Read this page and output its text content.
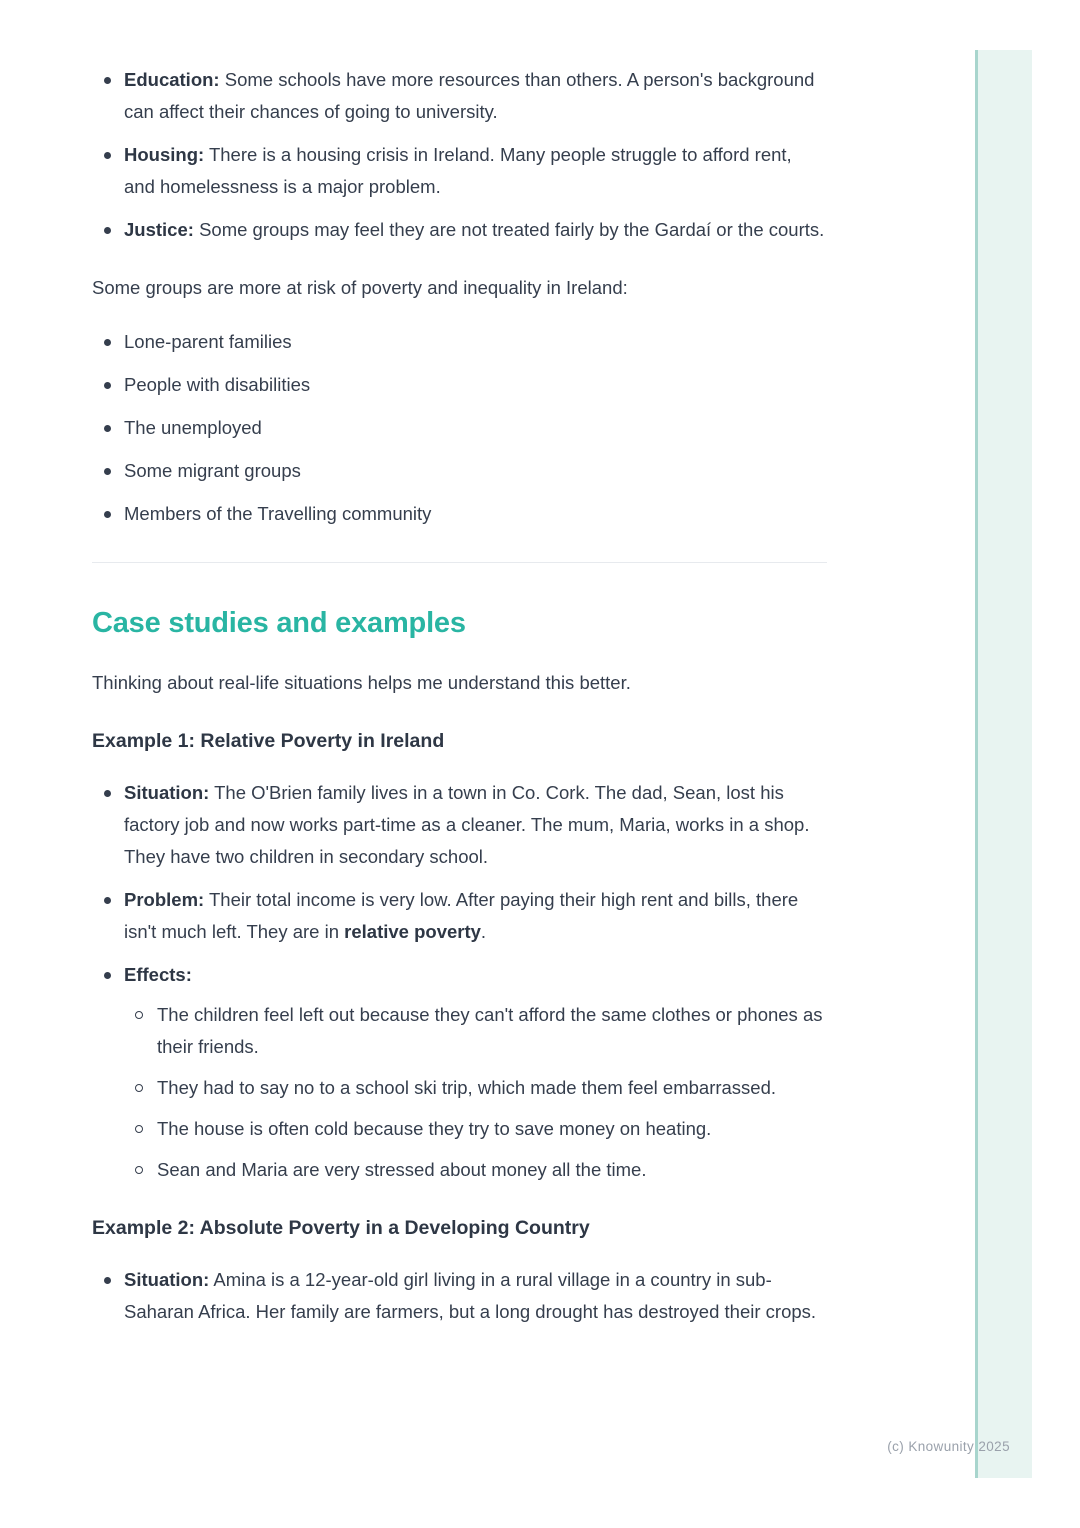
Education: Some schools have more resources than others. A person's background can affect their chances of going to university.
Housing: There is a housing crisis in Ireland. Many people struggle to afford rent, and homelessness is a major problem.
Justice: Some groups may feel they are not treated fairly by the Gardaí or the courts.

Some groups are more at risk of poverty and inequality in Ireland:

Lone-parent families
People with disabilities
The unemployed
Some migrant groups
Members of the Travelling community
Case studies and examples

Thinking about real-life situations helps me understand this better.

Example 1: Relative Poverty in Ireland
Situation: The O'Brien family lives in a town in Co. Cork. The dad, Sean, lost his factory job and now works part-time as a cleaner. The mum, Maria, works in a shop. They have two children in secondary school.
Problem: Their total income is very low. After paying their high rent and bills, there isn't much left. They are in relative poverty.
Effects:
The children feel left out because they can't afford the same clothes or phones as their friends.
They had to say no to a school ski trip, which made them feel embarrassed.
The house is often cold because they try to save money on heating.
Sean and Maria are very stressed about money all the time.
Example 2: Absolute Poverty in a Developing Country
Situation: Amina is a 12-year-old girl living in a rural village in a country in sub-Saharan Africa. Her family are farmers, but a long drought has destroyed their crops.
(c) Knowunity 2025
